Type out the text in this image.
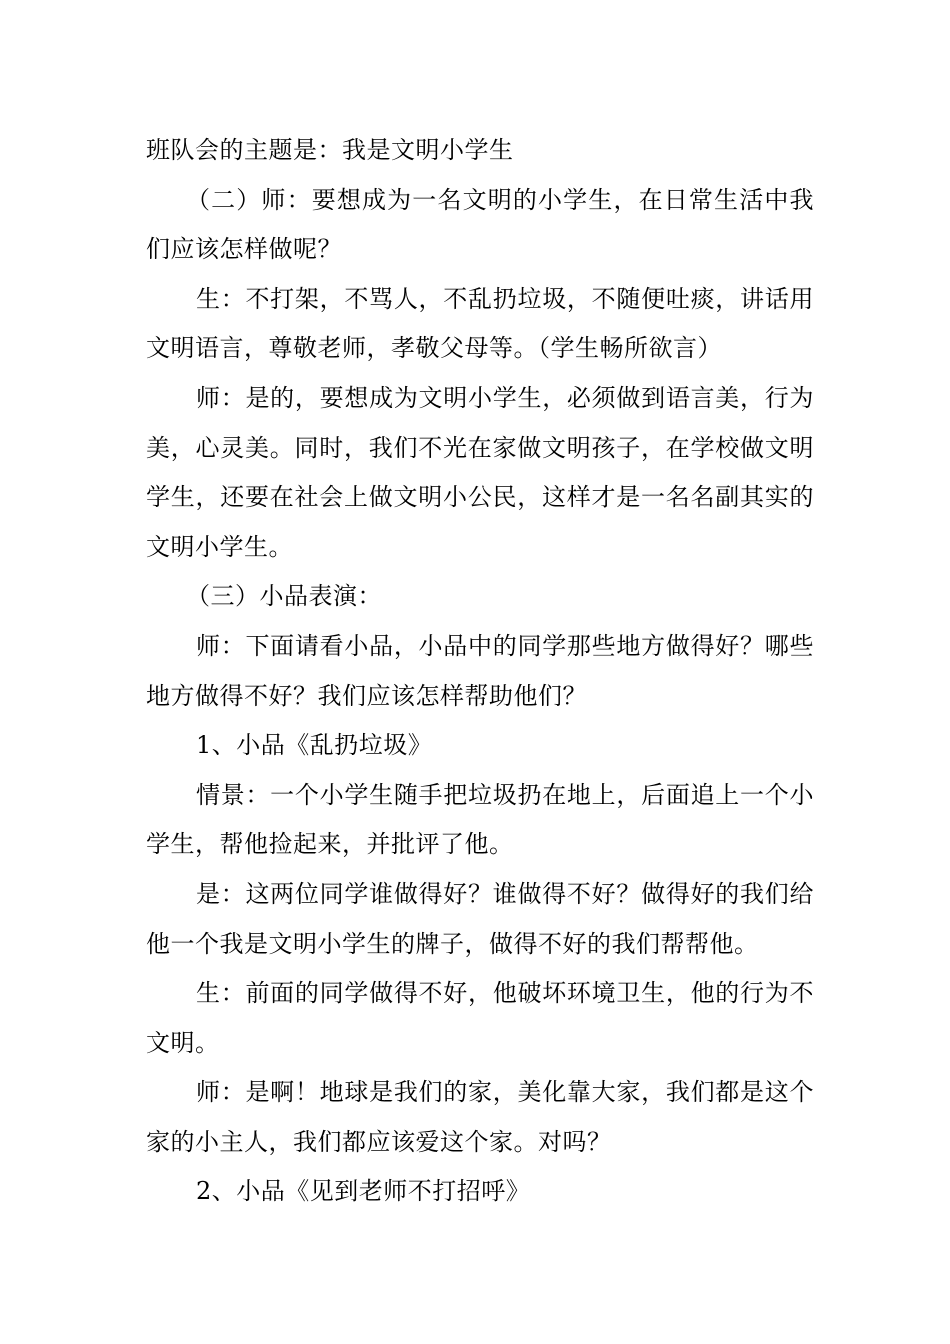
班队会的主题是：我是文明小学生

（二）师：要想成为一名文明的小学生，在日常生活中我们应该怎样做呢？

生：不打架，不骂人，不乱扔垃圾，不随便吐痰，讲话用文明语言，尊敬老师，孝敬父母等。（学生畅所欲言）

师：是的，要想成为文明小学生，必须做到语言美，行为美，心灵美。同时，我们不光在家做文明孩子，在学校做文明学生，还要在社会上做文明小公民，这样才是一名名副其实的文明小学生。

（三）小品表演：

师：下面请看小品，小品中的同学那些地方做得好？哪些地方做得不好？我们应该怎样帮助他们？

1、小品《乱扔垃圾》

情景：一个小学生随手把垃圾扔在地上，后面追上一个小学生，帮他捡起来，并批评了他。

是：这两位同学谁做得好？谁做得不好？做得好的我们给他一个我是文明小学生的牌子，做得不好的我们帮帮他。

生：前面的同学做得不好，他破坏环境卫生，他的行为不文明。

师：是啊！地球是我们的家，美化靠大家，我们都是这个家的小主人，我们都应该爱这个家。对吗？

2、小品《见到老师不打招呼》
